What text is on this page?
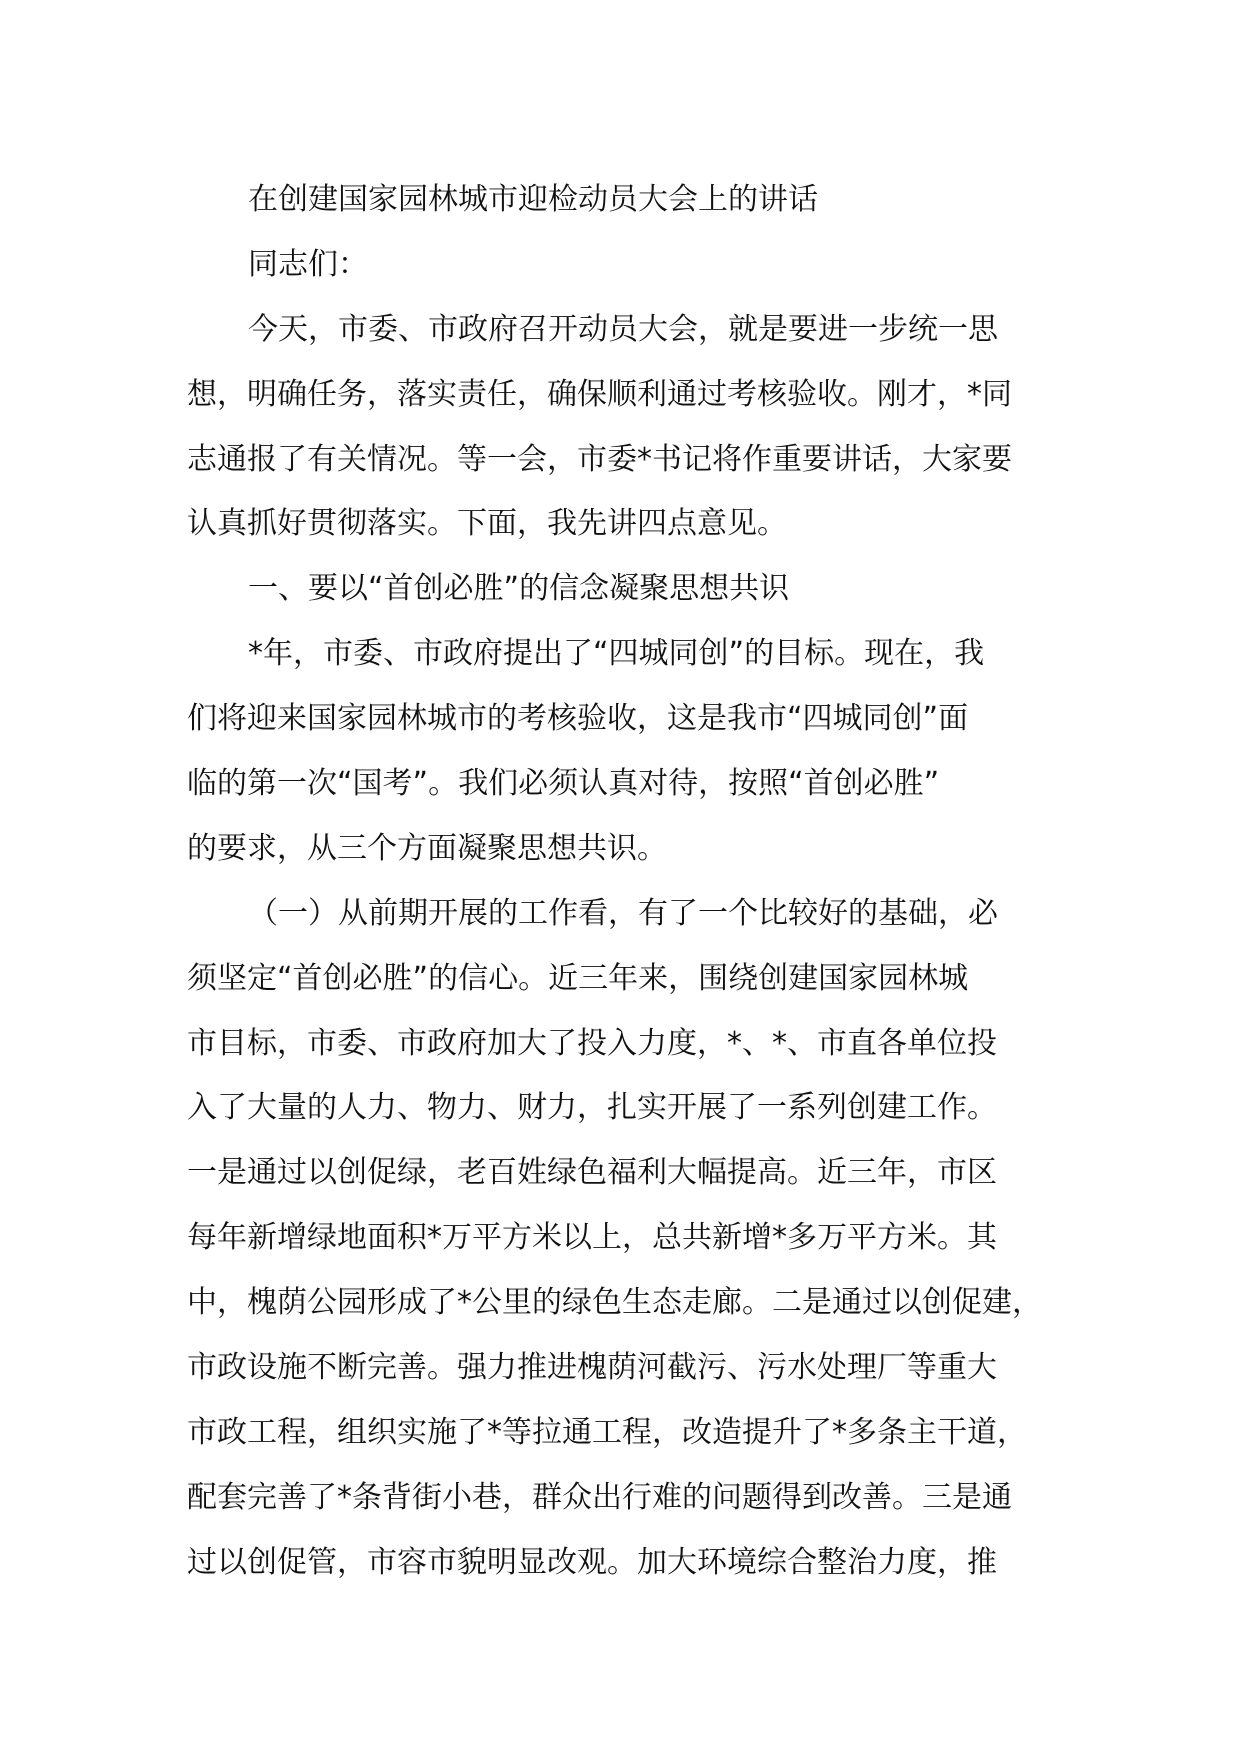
在创建国家园林城市迎检动员大会上的讲话
同志们：
今天，市委、市政府召开动员大会，就是要进一步统一思
想，明确任务，落实责任，确保顺利通过考核验收。刚才，*同
志通报了有关情况。等一会，市委*书记将作重要讲话，大家要
认真抓好贯彻落实。下面，我先讲四点意见。
一、要以“首创必胜”的信念凝聚思想共识
*年，市委、市政府提出了“四城同创”的目标。现在，我
们将迎来国家园林城市的考核验收，这是我市“四城同创”面
临的第一次“国考”。我们必须认真对待，按照“首创必胜”
的要求，从三个方面凝聚思想共识。
（一）从前期开展的工作看，有了一个比较好的基础，必
须坚定“首创必胜”的信心。近三年来，围绕创建国家园林城
市目标，市委、市政府加大了投入力度，*、*、市直各单位投
入了大量的人力、物力、财力，扎实开展了一系列创建工作。
一是通过以创促绿，老百姓绿色福利大幅提高。近三年，市区
每年新增绿地面积*万平方米以上，总共新增*多万平方米。其
中，槐荫公园形成了*公里的绿色生态走廊。二是通过以创促建，
市政设施不断完善。强力推进槐荫河截污、污水处理厂等重大
市政工程，组织实施了*等拉通工程，改造提升了*多条主干道，
配套完善了*条背街小巷，群众出行难的问题得到改善。三是通
过以创促管，市容市貌明显改观。加大环境综合整治力度，推
